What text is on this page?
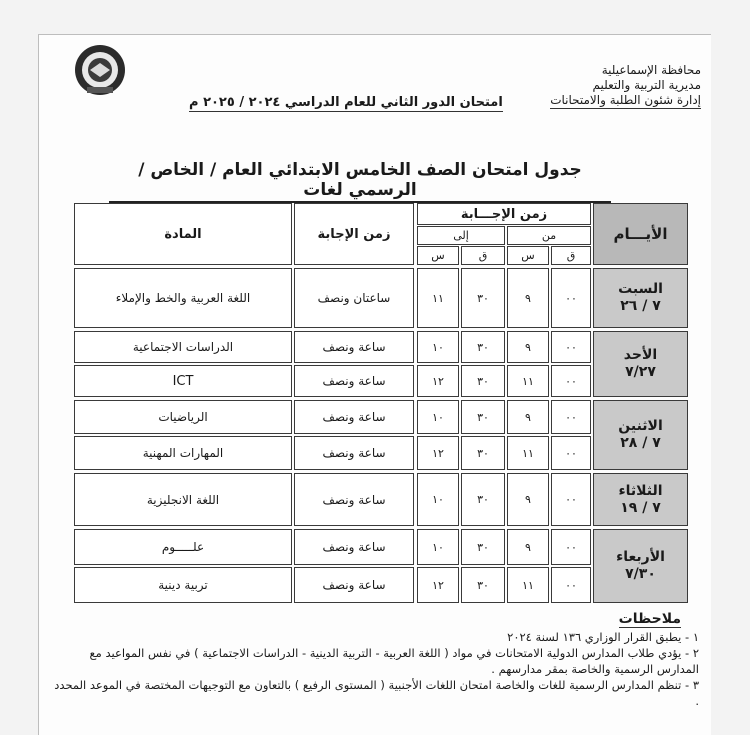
محافظة الإسماعيلية
مديرية التربية والتعليم
إدارة شئون الطلبة والامتحانات
امتحان الدور الثاني للعام الدراسي ٢٠٢٤ / ٢٠٢٥ م
جدول امتحان الصف الخامس الابتدائي العام / الخاص / الرسمي لغات
المادة	زمن الإجابة	الأيـــام
زمن الإجـــابة
إلى	من
س	ق	س	ق
السبت
٧ / ٢٦
اللغة العربية والخط والإملاء	ساعتان ونصف	١١	٣٠	٩	٠٠
الأحد
٧/٢٧
الدراسات الاجتماعية	ساعة ونصف	١٠	٣٠	٩	٠٠
ICT	ساعة ونصف	١٢	٣٠	١١	٠٠
الاثنين
٧ / ٢٨
الرياضيات	ساعة ونصف	١٠	٣٠	٩	٠٠
المهارات المهنية	ساعة ونصف	١٢	٣٠	١١	٠٠
الثلاثاء
٧ / ١٩
اللغة الانجليزية	ساعة ونصف	١٠	٣٠	٩	٠٠
الأربعاء
٧/٣٠
علـــــوم	ساعة ونصف	١٠	٣٠	٩	٠٠
تربية دينية	ساعة ونصف	١٢	٣٠	١١	٠٠
ملاحظات

١ - يطبق القرار الوزاري ١٣٦ لسنة ٢٠٢٤

٢ - يؤدي طلاب المدارس الدولية الامتحانات في مواد ( اللغة العربية - التربية الدينية - الدراسات الاجتماعية ) في نفس المواعيد مع المدارس الرسمية والخاصة بمقر مدارسهم .

٣ - تنظم المدارس الرسمية للغات والخاصة امتحان اللغات الأجنبية ( المستوى الرفيع ) بالتعاون مع التوجيهات المختصة في الموعد المحدد .
